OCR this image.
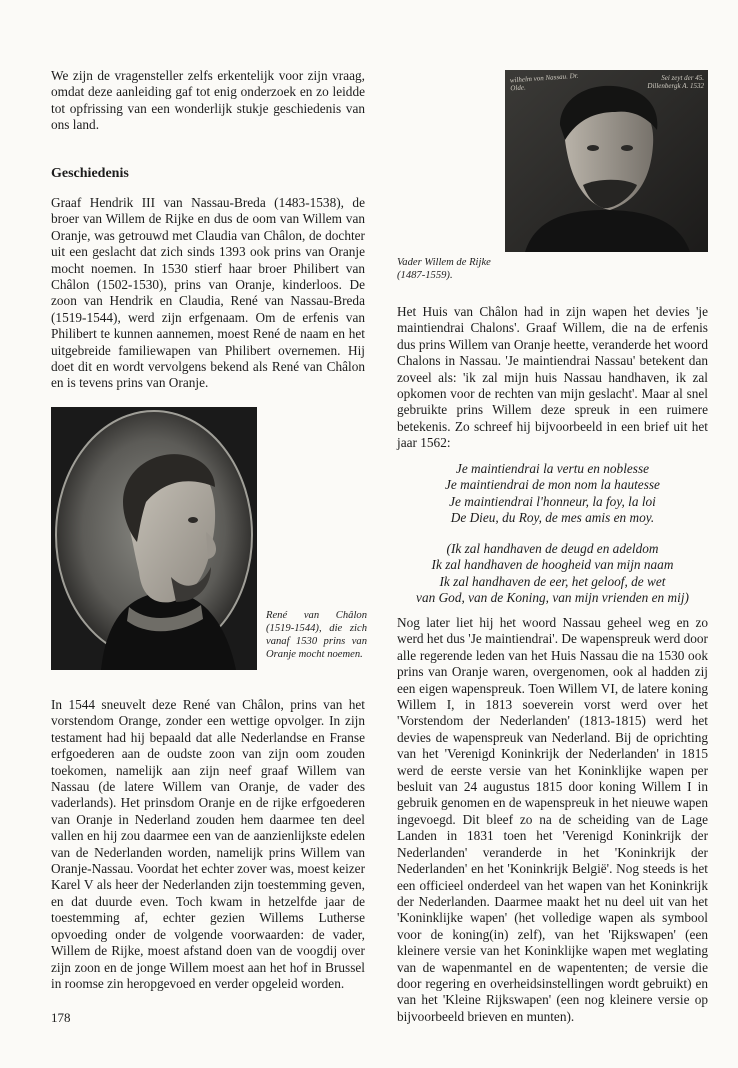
We zijn de vragensteller zelfs erkentelijk voor zijn vraag, omdat deze aanleiding gaf tot enig onderzoek en zo leidde tot opfrissing van een wonderlijk stukje geschiedenis van ons land.

Geschiedenis

Graaf Hendrik III van Nassau-Breda (1483-1538), de broer van Willem de Rijke en dus de oom van Willem van Oranje, was getrouwd met Claudia van Châlon, de dochter uit een geslacht dat zich sinds 1393 ook prins van Oranje mocht noemen. In 1530 stierf haar broer Philibert van Châlon (1502-1530), prins van Oranje, kinderloos. De zoon van Hendrik en Claudia, René van Nassau-Breda (1519-1544), werd zijn erfgenaam. Om de erfenis van Philibert te kunnen aannemen, moest René de naam en het uitgebreide familiewapen van Philibert overnemen. Hij doet dit en wordt vervolgens bekend als René van Châlon en is tevens prins van Oranje.

René van Châlon (1519-1544), die zich vanaf 1530 prins van Oranje mocht noemen.

In 1544 sneuvelt deze René van Châlon, prins van het vorstendom Orange, zonder een wettige opvolger. In zijn testament had hij bepaald dat alle Nederlandse en Franse erfgoederen aan de oudste zoon van zijn oom zouden toekomen, namelijk aan zijn neef graaf Willem van Nassau (de latere Willem van Oranje, de vader des vaderlands). Het prinsdom Oranje en de rijke erfgoederen van Oranje in Nederland zouden hem daarmee ten deel vallen en hij zou daarmee een van de aanzienlijkste edelen van de Nederlanden worden, namelijk prins Willem van Oranje-Nassau. Voordat het echter zover was, moest keizer Karel V als heer der Nederlanden zijn toestemming geven, en dat duurde even. Toch kwam in hetzelfde jaar de toestemming af, echter gezien Willems Lutherse opvoeding onder de volgende voorwaarden: de vader, Willem de Rijke, moest afstand doen van de voogdij over zijn zoon en de jonge Willem moest aan het hof in Brussel in roomse zin heropgevoed en verder opgeleid worden.

wilhelm von Nassau. Dr. Olde.
Sei zeyt der 45. Dillenbergk A. 1532
Vader Willem de Rijke (1487-1559).

Het Huis van Châlon had in zijn wapen het devies 'je maintiendrai Chalons'. Graaf Willem, die na de erfenis dus prins Willem van Oranje heette, veranderde het woord Chalons in Nassau. 'Je maintiendrai Nassau' betekent dan zoveel als: 'ik zal mijn huis Nassau handhaven, ik zal opkomen voor de rechten van mijn geslacht'. Maar al snel gebruikte prins Willem deze spreuk in een ruimere betekenis. Zo schreef hij bijvoorbeeld in een brief uit het jaar 1562:

Je maintiendrai la vertu en noblesse
Je maintiendrai de mon nom la hautesse
Je maintiendrai l'honneur, la foy, la loi
De Dieu, du Roy, de mes amis en moy.
(Ik zal handhaven de deugd en adeldom
Ik zal handhaven de hoogheid van mijn naam
Ik zal handhaven de eer, het geloof, de wet
van God, van de Koning, van mijn vrienden en mij)

Nog later liet hij het woord Nassau geheel weg en zo werd het dus 'Je maintiendrai'. De wapenspreuk werd door alle regerende leden van het Huis Nassau die na 1530 ook prins van Oranje waren, overgenomen, ook al hadden zij een eigen wapenspreuk. Toen Willem VI, de latere koning Willem I, in 1813 soeverein vorst werd over het 'Vorstendom der Nederlanden' (1813-1815) werd het devies de wapenspreuk van Nederland. Bij de oprichting van het 'Verenigd Koninkrijk der Nederlanden' in 1815 werd de eerste versie van het Koninklijke wapen per besluit van 24 augustus 1815 door koning Willem I in gebruik genomen en de wapenspreuk in het nieuwe wapen ingevoegd. Dit bleef zo na de scheiding van de Lage Landen in 1831 toen het 'Verenigd Koninkrijk der Nederlanden' veranderde in het 'Koninkrijk der Nederlanden' en het 'Koninkrijk België'. Nog steeds is het een officieel onderdeel van het wapen van het Koninkrijk der Nederlanden. Daarmee maakt het nu deel uit van het 'Koninklijke wapen' (het volledige wapen als symbool voor de koning(in) zelf), van het 'Rijkswapen' (een kleinere versie van het Koninklijke wapen met weglating van de wapenmantel en de wapententen; de versie die door regering en overheidsinstellingen wordt gebruikt) en van het 'Kleine Rijkswapen' (een nog kleinere versie op bijvoorbeeld brieven en munten).

178
